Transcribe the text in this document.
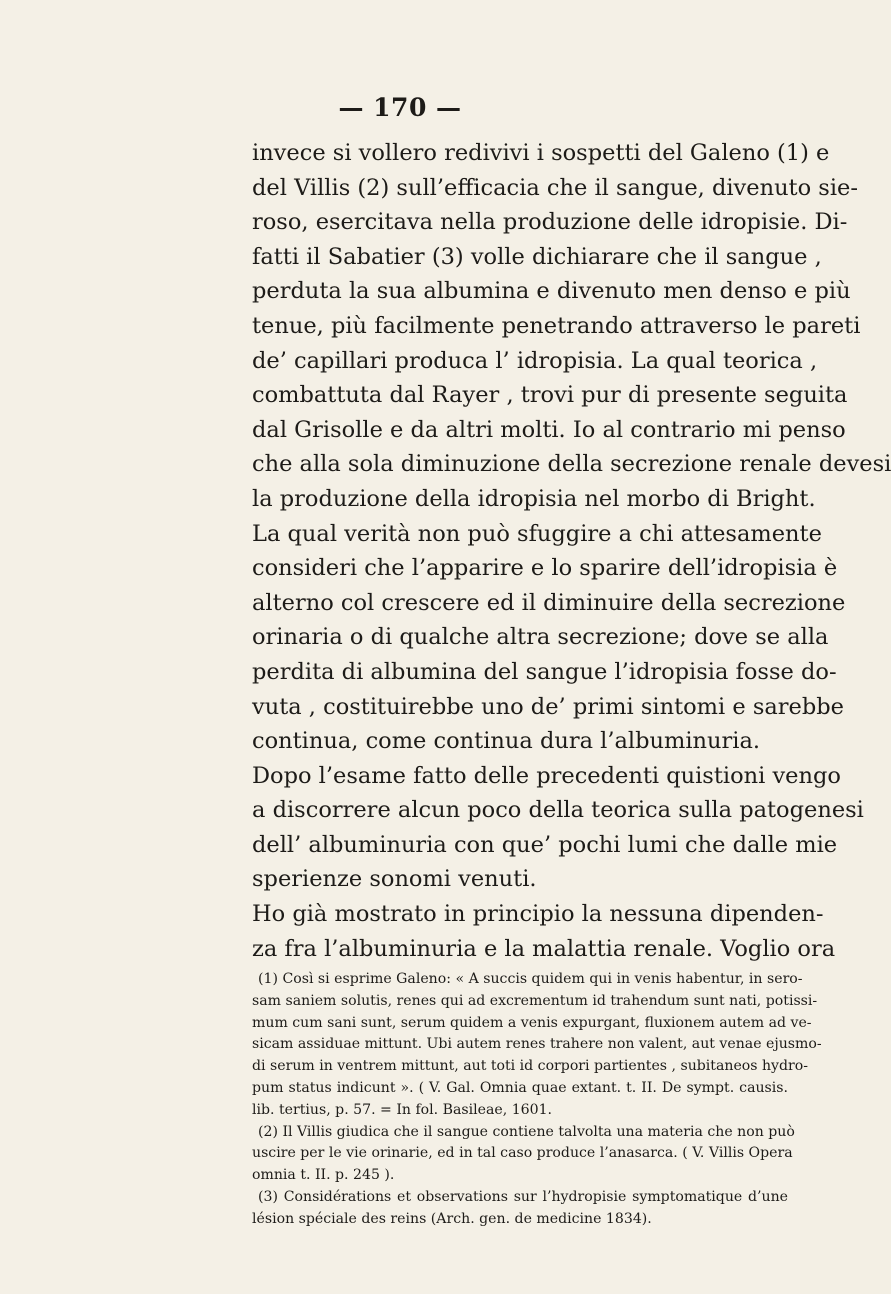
— 170 —
invece si vollero redivivi i sospetti del Galeno (1) e
del Villis (2) sull’efficacia che il sangue, divenuto sie-
roso, esercitava nella produzione delle idropisie. Di-
fatti il Sabatier (3) volle dichiarare che il sangue ,
perduta la sua albumina e divenuto men denso e più
tenue, più facilmente penetrando attraverso le pareti
de’ capillari produca l’ idropisia. La qual teorica ,
combattuta dal Rayer , trovi pur di presente seguita
dal Grisolle e da altri molti. Io al contrario mi penso
che alla sola diminuzione della secrezione renale devesi
la produzione della idropisia nel morbo di Bright.
La qual verità non può sfuggire a chi attesamente
consideri che l’apparire e lo sparire dell’idropisia è
alterno col crescere ed il diminuire della secrezione
orinaria o di qualche altra secrezione; dove se alla
perdita di albumina del sangue l’idropisia fosse do-
vuta , costituirebbe uno de’ primi sintomi e sarebbe
continua, come continua dura l’albuminuria.
Dopo l’esame fatto delle precedenti quistioni vengo
a discorrere alcun poco della teorica sulla patogenesi
dell’ albuminuria con que’ pochi lumi che dalle mie
sperienze sonomi venuti.
Ho già mostrato in principio la nessuna dipenden-
za fra l’albuminuria e la malattia renale. Voglio ora
(1) Così si esprime Galeno: « A succis quidem qui in venis habentur, in sero-
sam saniem solutis, renes qui ad excrementum id trahendum sunt nati, potissi-
mum cum sani sunt, serum quidem a venis expurgant, fluxionem autem ad ve-
sicam assiduae mittunt. Ubi autem renes trahere non valent, aut venae ejusmo-
di serum in ventrem mittunt, aut toti id corpori partientes , subitaneos hydro-
pum status indicunt ». ( V. Gal. Omnia quae extant. t. II. De sympt. causis.
lib. tertius, p. 57. = In fol. Basileae, 1601.
(2) Il Villis giudica che il sangue contiene talvolta una materia che non può
uscire per le vie orinarie, ed in tal caso produce l’anasarca. ( V. Villis Opera
omnia t. II. p. 245 ).
(3) Considérations et observations sur l’hydropisie symptomatique d’une
lésion spéciale des reins (Arch. gen. de medicine 1834).
